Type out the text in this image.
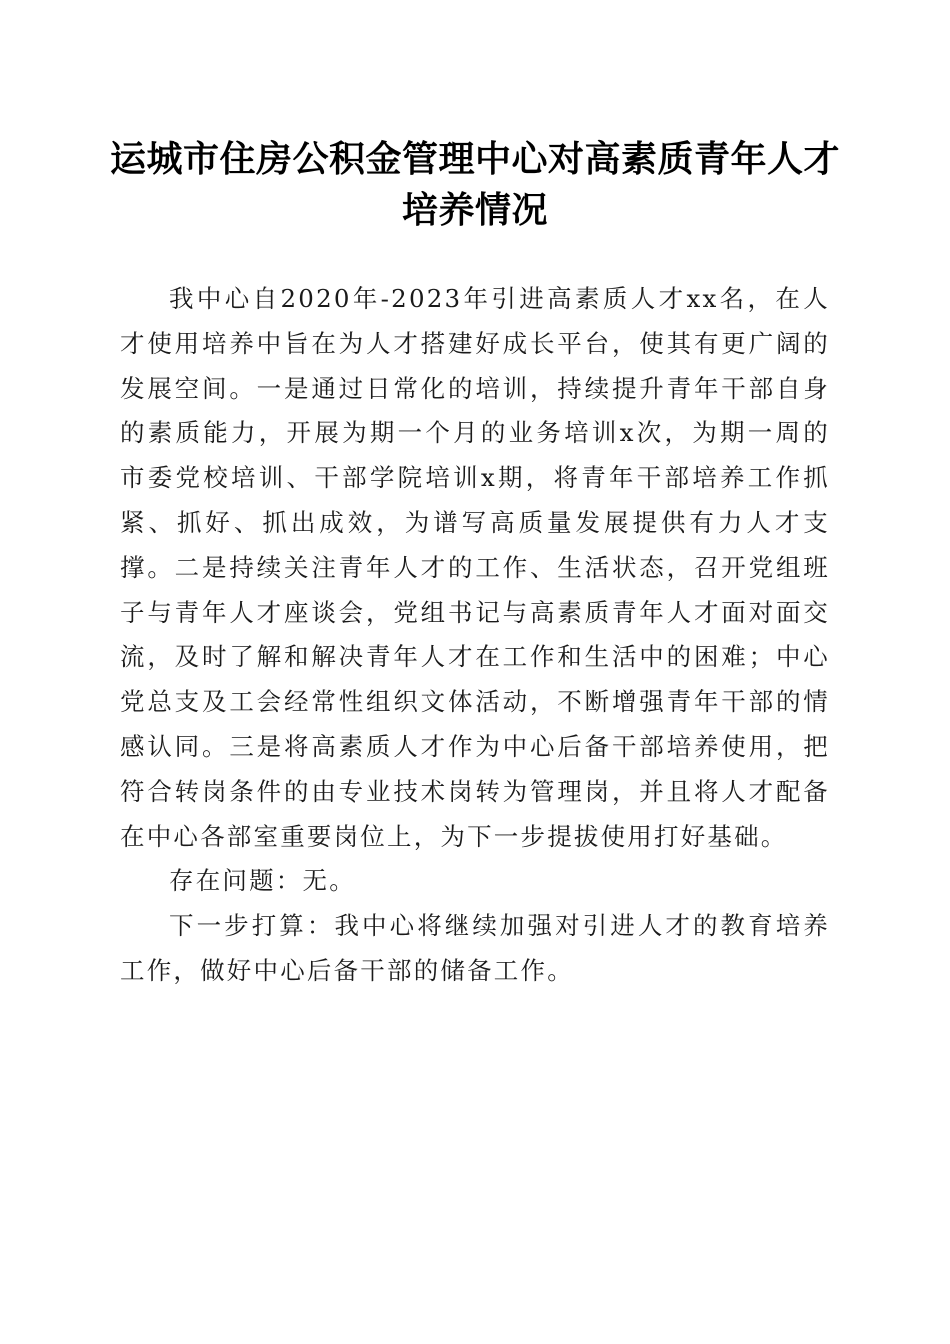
运城市住房公积金管理中心对高素质青年人才培养情况

我中心自2020年-2023年引进高素质人才xx名，在人才使用培养中旨在为人才搭建好成长平台，使其有更广阔的发展空间。一是通过日常化的培训，持续提升青年干部自身的素质能力，开展为期一个月的业务培训x次，为期一周的市委党校培训、干部学院培训x期，将青年干部培养工作抓紧、抓好、抓出成效，为谱写高质量发展提供有力人才支撑。二是持续关注青年人才的工作、生活状态，召开党组班子与青年人才座谈会，党组书记与高素质青年人才面对面交流，及时了解和解决青年人才在工作和生活中的困难；中心党总支及工会经常性组织文体活动，不断增强青年干部的情感认同。三是将高素质人才作为中心后备干部培养使用，把符合转岗条件的由专业技术岗转为管理岗，并且将人才配备在中心各部室重要岗位上，为下一步提拔使用打好基础。

存在问题：无。

下一步打算：我中心将继续加强对引进人才的教育培养工作，做好中心后备干部的储备工作。
